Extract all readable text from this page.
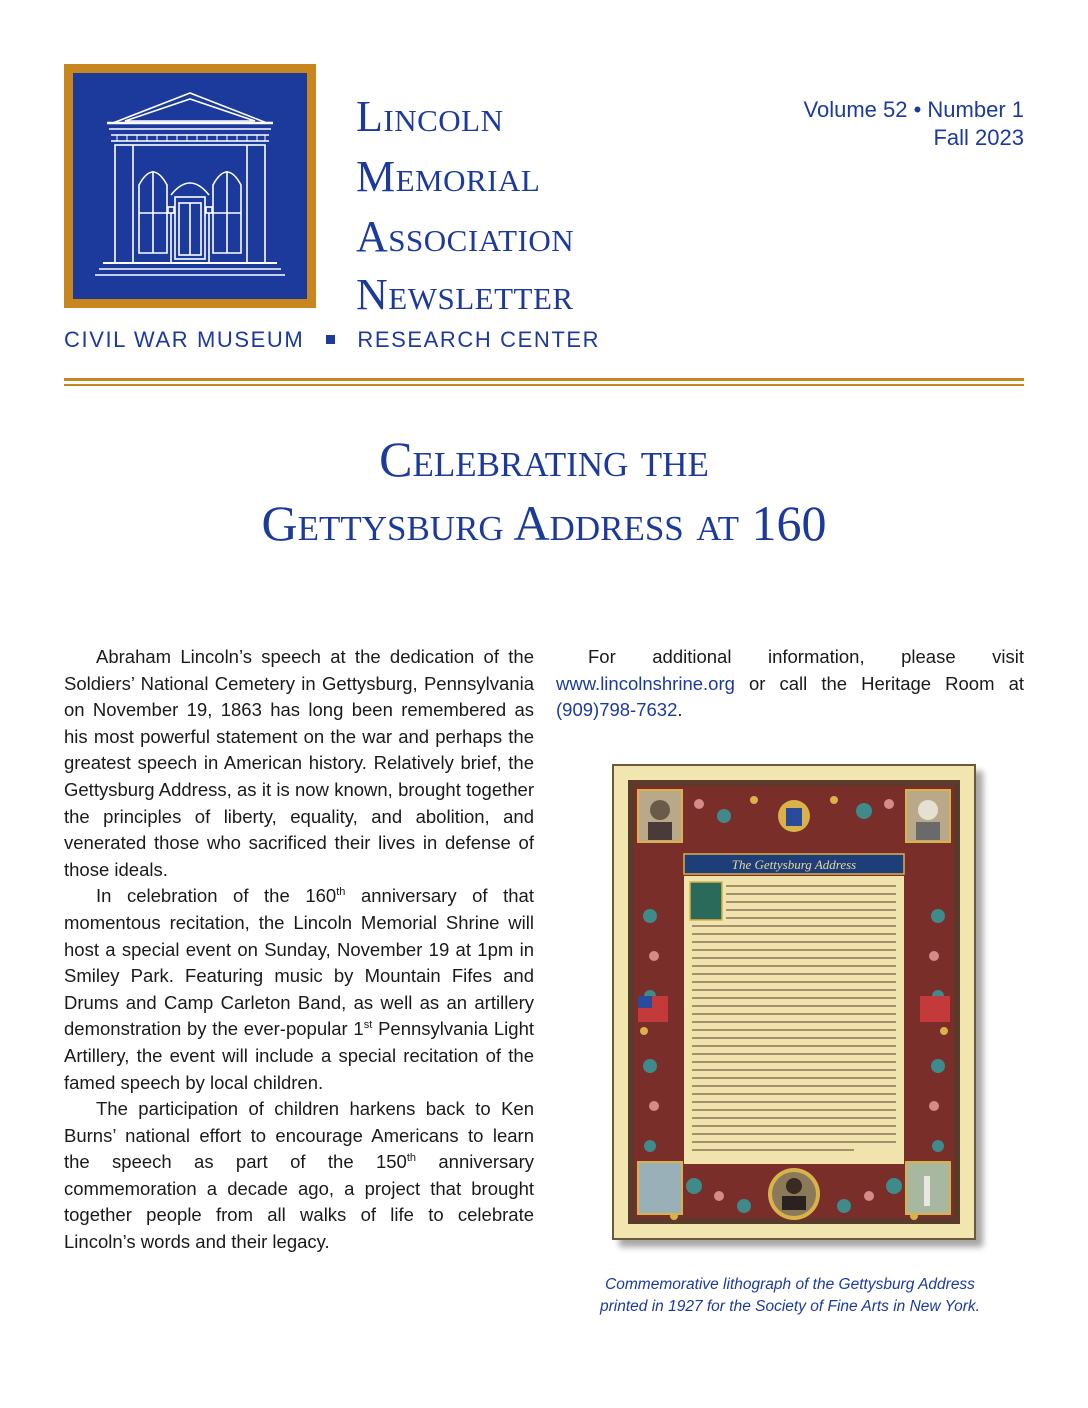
Lincoln
Memorial
Association
Newsletter
Volume 52 • Number 1
Fall 2023
CIVIL WAR MUSEUM RESEARCH CENTER
Celebrating the
Gettysburg Address at 160

Abraham Lincoln’s speech at the dedication of the Soldiers’ National Cemetery in Gettysburg, Pennsylvania on November 19, 1863 has long been remembered as his most powerful statement on the war and perhaps the greatest speech in American history. Relatively brief, the Gettysburg Address, as it is now known, brought together the principles of liberty, equality, and abolition, and venerated those who sacrificed their lives in defense of those ideals.

In celebration of the 160th anniversary of that momentous recitation, the Lincoln Memorial Shrine will host a special event on Sunday, November 19 at 1pm in Smiley Park. Featuring music by Mountain Fifes and Drums and Camp Carleton Band, as well as an artillery demonstration by the ever-popular 1st Pennsylvania Light Artillery, the event will include a special recitation of the famed speech by local children.

The participation of children harkens back to Ken Burns’ national effort to encourage Americans to learn the speech as part of the 150th anniversary commemoration a decade ago, a project that brought together people from all walks of life to celebrate Lincoln’s words and their legacy.

For additional information, please visit www.lincolnshrine.org or call the Heritage Room at (909)798-7632.

The Gettysburg Address
Commemorative lithograph of the Gettysburg Address
printed in 1927 for the Society of Fine Arts in New York.
